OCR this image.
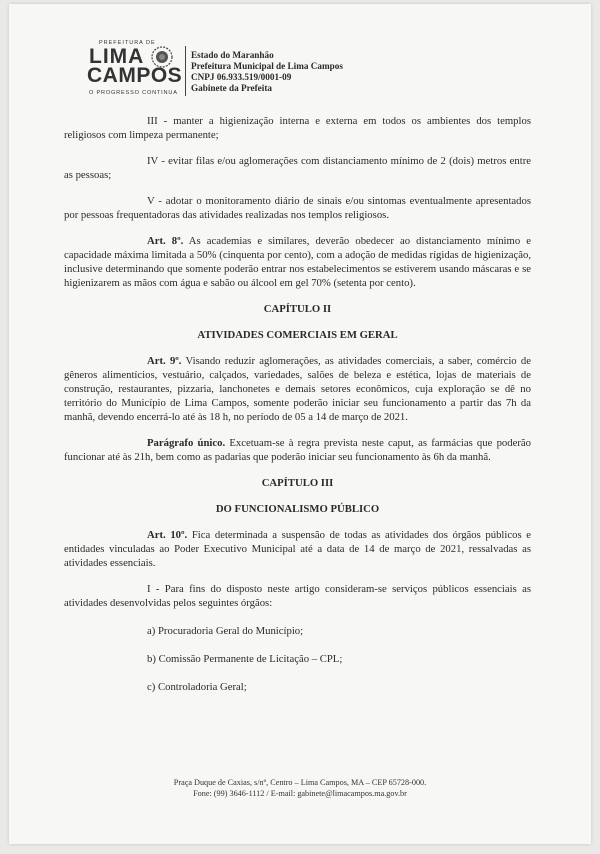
PREFEITURA DE
LIMA
CAMPOS
O PROGRESSO CONTINUA
Estado do Maranhão
Prefeitura Municipal de Lima Campos
CNPJ 06.933.519/0001-09
Gabinete da Prefeita

III - manter a higienização interna e externa em todos os ambientes dos templos religiosos com limpeza permanente;

IV - evitar filas e/ou aglomerações com distanciamento mínimo de 2 (dois) metros entre as pessoas;

V - adotar o monitoramento diário de sinais e/ou sintomas eventualmente apresentados por pessoas frequentadoras das atividades realizadas nos templos religiosos.

Art. 8º. As academias e similares, deverão obedecer ao distanciamento mínimo e capacidade máxima limitada a 50% (cinquenta por cento), com a adoção de medidas rígidas de higienização, inclusive determinando que somente poderão entrar nos estabelecimentos se estiverem usando máscaras e se higienizarem as mãos com água e sabão ou álcool em gel 70% (setenta por cento).

CAPÍTULO II

ATIVIDADES COMERCIAIS EM GERAL

Art. 9º. Visando reduzir aglomerações, as atividades comerciais, a saber, comércio de gêneros alimentícios, vestuário, calçados, variedades, salões de beleza e estética, lojas de materiais de construção, restaurantes, pizzaria, lanchonetes e demais setores econômicos, cuja exploração se dê no território do Município de Lima Campos, somente poderão iniciar seu funcionamento a partir das 7h da manhã, devendo encerrá-lo até às 18 h, no período de 05 a 14 de março de 2021.

Parágrafo único. Excetuam-se à regra prevista neste caput, as farmácias que poderão funcionar até às 21h, bem como as padarias que poderão iniciar seu funcionamento às 6h da manhã.

CAPÍTULO III

DO FUNCIONALISMO PÚBLICO

Art. 10º. Fica determinada a suspensão de todas as atividades dos órgãos públicos e entidades vinculadas ao Poder Executivo Municipal até a data de 14 de março de 2021, ressalvadas as atividades essenciais.

I - Para fins do disposto neste artigo consideram-se serviços públicos essenciais as atividades desenvolvidas pelos seguintes órgãos:

a) Procuradoria Geral do Município;

b) Comissão Permanente de Licitação – CPL;

c) Controladoria Geral;

Praça Duque de Caxias, s/nº, Centro – Lima Campos, MA – CEP 65728-000.
Fone: (99) 3646-1112 / E-mail: gabinete@limacampos.ma.gov.br
